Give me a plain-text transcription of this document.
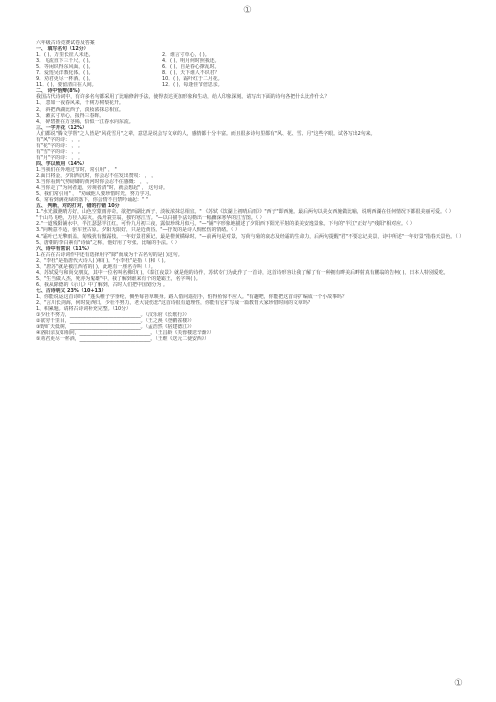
①
六年级古诗竞赛试卷及答案
一、 填写名句（12分）
1．( )，万里长征人未还。	2．谁言寸草心，( )。
3．飞流直下三千尺，( )。	4．( )，明月何时照我还。
5．等闲识得东风面，( )。	6．( )，自是春心撩乱时。
7．爱莲吴洋教化体，( )。	8．( )，天下谁人不识君？
9．劝君更尽一杯酒，( )。	10．( )，霜叶红于二月花。
11．( )，要留清白在人间。	12．( )，每逢佳节倍思亲。
二、 诗中悟辩(8%)
我国古代诗词中，有许多名句都采用了比喻修辞手法，使得表达更加形象和生动，给人印象深刻。请写出下面的诗句各把什么比作什么？
1、 忽如一夜春风来，千树万树梨花开。
2、 斜把西湖比西子，淡妆浓抹总相宜。
3、 漱玄寸草心，报得三春晖。
4、 碎碧推在万茎稀，恰似一江春水向东流。
三、一字开花（12%）
人们都说"腾文学帮"之人皆是"风花雪月"之辈，意思是说会写文章的人，感情都十分丰富。而且很多诗句里都有"风、花、雪、月"这些字眼。试各写出2句来。
有"风"字的诗： ， 。
有"花"字的诗： ， 。
有"雪"字的诗： ， 。
有"月"字的诗： ， 。
四、学以致用（14%）
1.当我们在外地过节时，常引用" ， "
2.面日将金，夕阳西沉时，你会忍不住发出赞叹： ， 。
3.当你看到气势磅礴的黄河时你会忍不住感慨： ， 。
4.当你走了"为问者道，旁观者清"时，就会想起" ， 这句诗。
5、我们常引用" ， "劝诫他人要珍惜时光，努力学习。
6、常看到满花绿的落下，你会情不自禁吟诵起：" "
五、 判断，对的打对，错的打错 10分
1."水光潋滟晴方好，山色空蒙雨亦奇。欲把西湖比西子，淡妆浓抹总相宜。" 《苏轼《饮湖上初晴后雨》》"西子"即西施。最后两句以美女西施做比喻，说明西湖在任何情况下都很美丽可爱。（ ）
"千山鸟飞绝，万径人踪灭。孤舟蓑笠翁，独钓寒江雪。"—以白描手法勾勒出一幅幽深寒华的江雪图。（ ）
2."一道残阳铺水中，半江瑟瑟半江红。可怜九月初三夜，露似珍珠月似弓。"—"铺"字形象地描述了夕阳西下阳光平射的柔美安逸景象。下句的"半江"正好与"残阳"相对应。（ ）
3."向晚意不适，驱车登古原。夕阳无限好，只是近黄昏。"—抒发的是诗人惆怅伤的情绪。（ ）
4."霜叶已无擎雨盖，菊残犹有傲霜枝。一年好景君须记，最是橙黄橘绿时。"—前两句是对景，写荷与菊的衰态及经霜的生命力，后两句提醒"君"不要忘记美景，诗中所述"一年好景"指春天景色。（ ）
5、唐朝的李白素有"诗仙"之称，他好用了夸张、比喻的手法。（ ）
六、诗中有常识（11%）
1.在古在古诗词作中还有选择用字"除"而成为千古名句的是( )这句。
2、"李杜"是指唐代大诗人( )和( )，"小李杜"是指（ )和（ )。
3、"唐苏"就是被江西省的( )，此地有一座名寺叫（ ）。
4、苏轼爱与和尚交朋友，其中一位名叫名佛印( )，《泰江夜景》就是他的诗作，苏轼专门为此作了一首诗，这首诗形容让我了解了有一种拥有畔美后畔射真有鹏翁的告柯( )，日本人特别爱吃。
5、"生当做人杰，死亦为鬼雄"中，我了解到谁来有个的楚霸王，名字叫( )。
6、我从除德的《示儿》中了解到，古时人们把中国划分为 。
七、古诗明义 23%（10+13）
1、你能说运这首诗吗？"蓬头稚子学垂纶，侧坐莓苔草映身。路人借问遥招手，怕得鱼惊不应人。"有趣吧，你能把这首诗扩编成一个小故事吗？
2、"言川长剑海，何时复西归，少壮不努力，老大徒伤悲"这首诗很有道理性，你能有它扩写成一篇教育大家珍惜时间的文章吗？
1、积累题。请将古诗词补充完整。（10分）
①少壮不努力，_____________________________。（汉乐府《长歌行》）
②欲穷千里目，_____________________________。（王之涣《登鹳雀楼》）
③野旷天低树，_____________________________。（孟浩然《宿建德江》）
④洛阳亲友如相问，_____________________________。（王昌龄《芙蓉楼送辛渐》）
⑤劝君更尽一杯酒，_____________________________。（王维《送元二使安西》）
①
